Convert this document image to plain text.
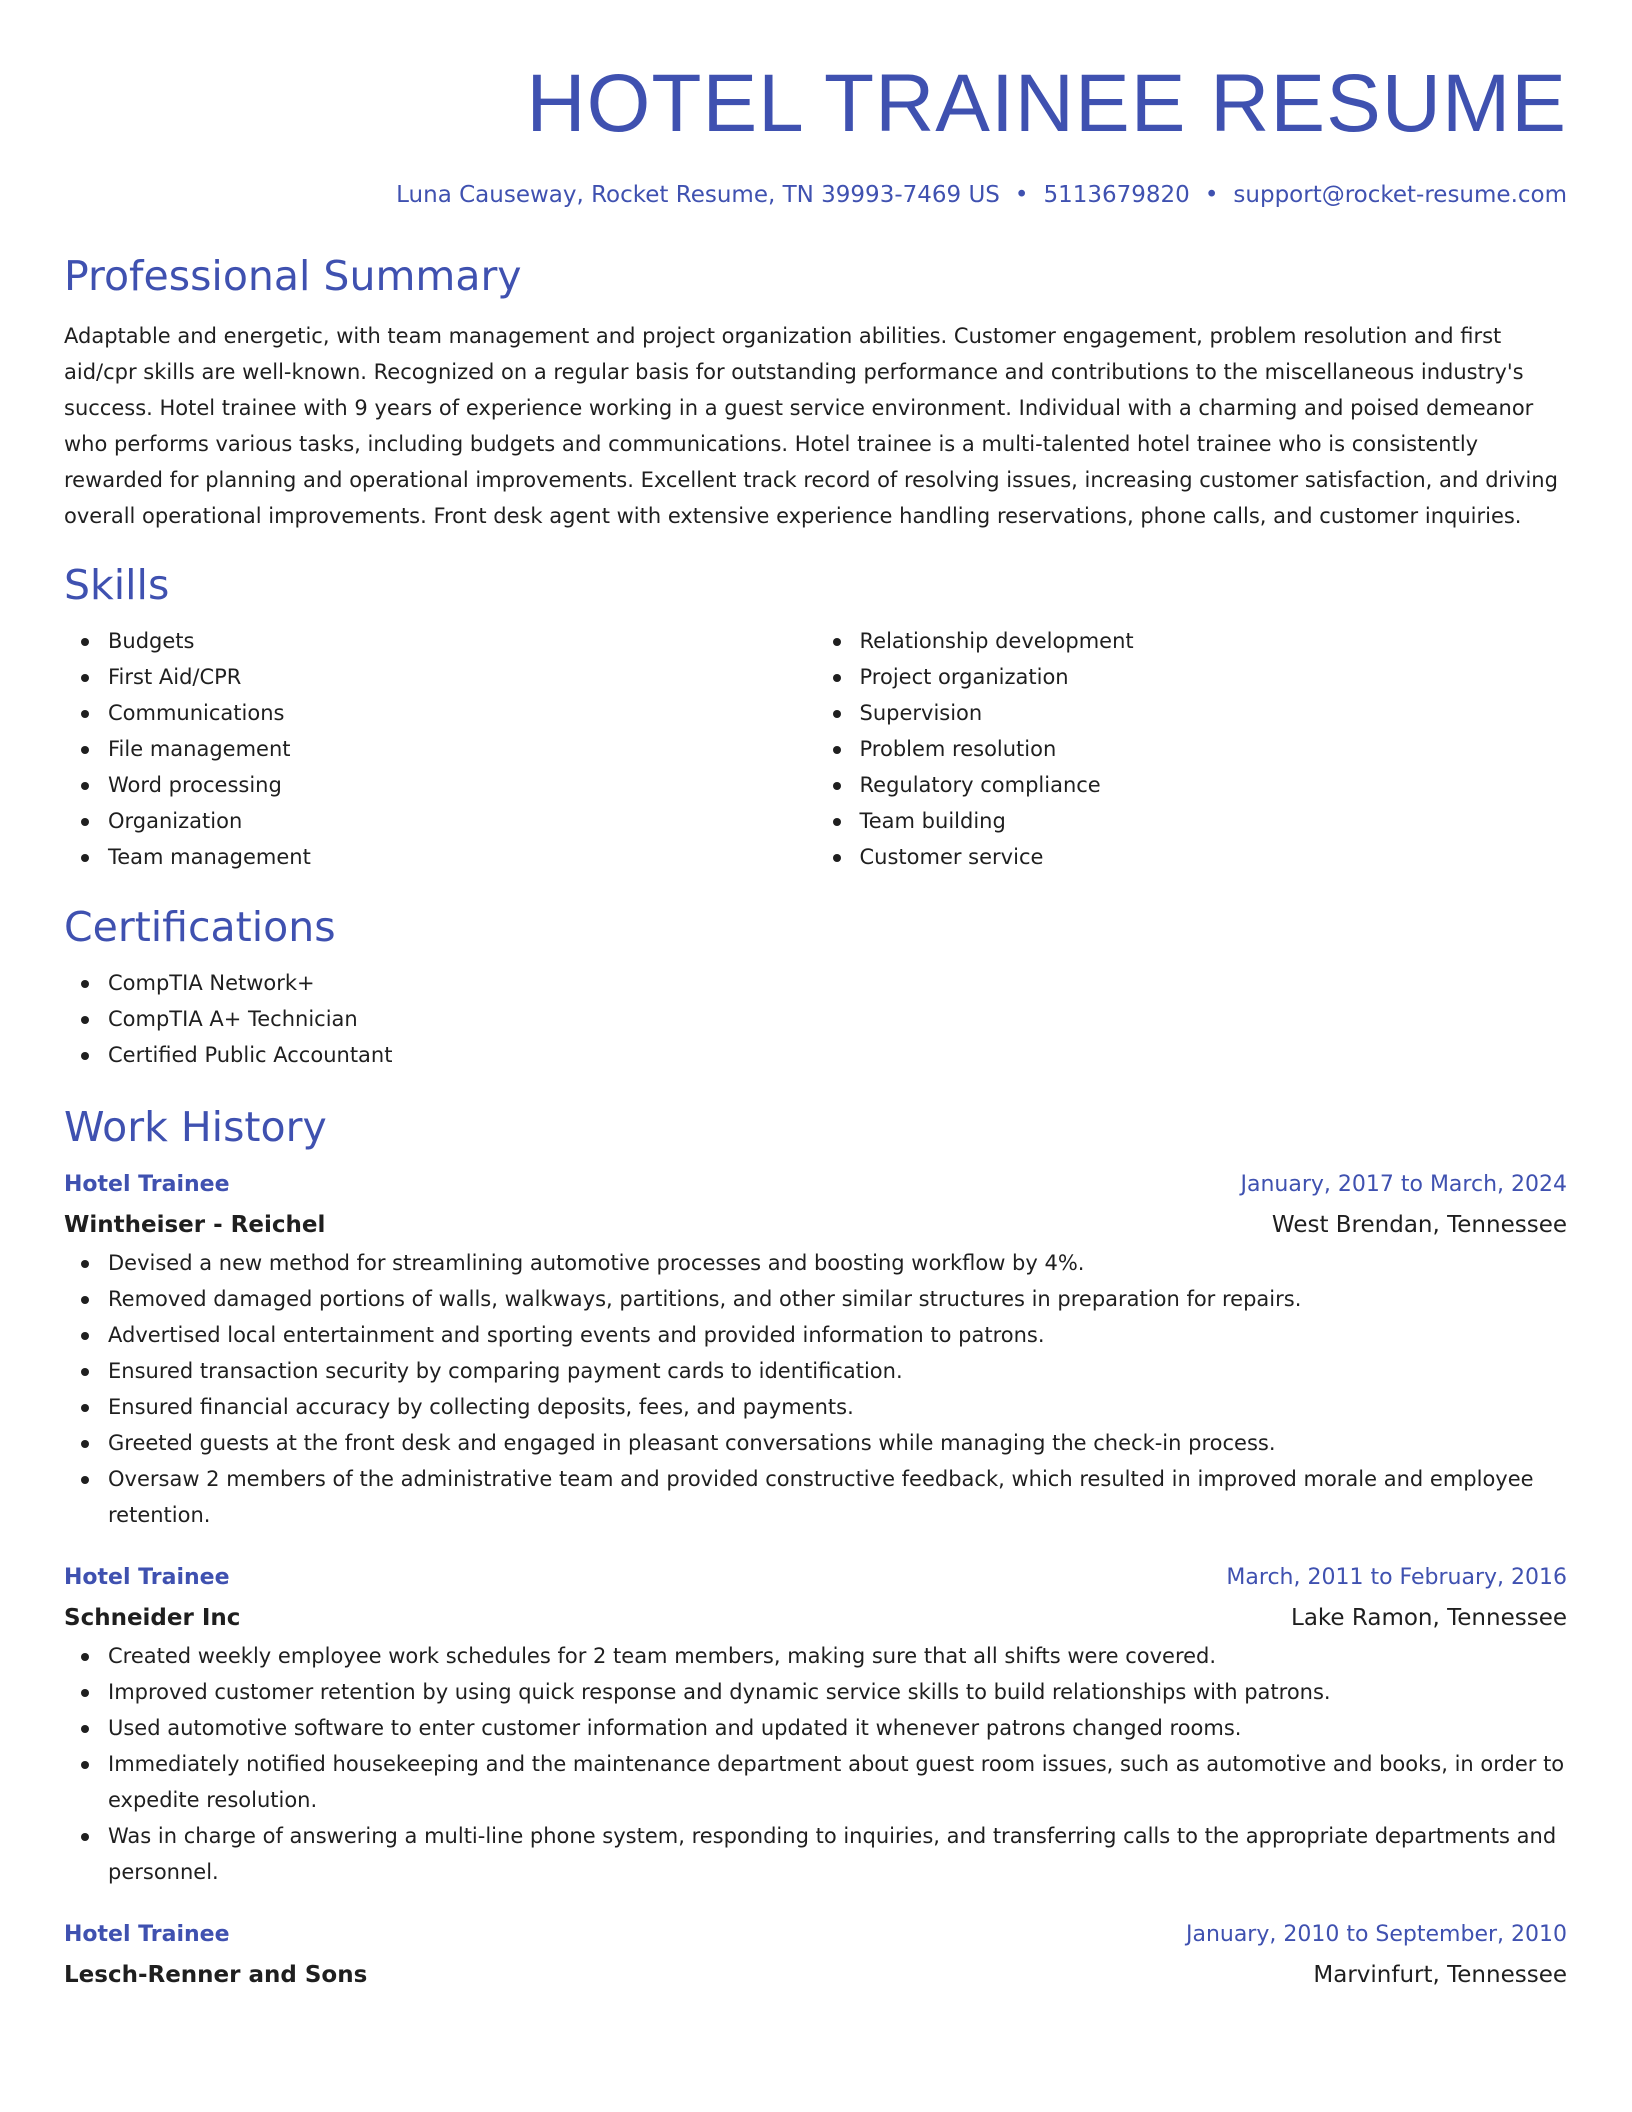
HOTEL TRAINEE RESUME
Luna Causeway, Rocket Resume, TN 39993-7469 US • 5113679820 • support@rocket-resume.com
Professional Summary

Adaptable and energetic, with team management and project organization abilities. Customer engagement, problem resolution and first aid/cpr skills are well-known. Recognized on a regular basis for outstanding performance and contributions to the miscellaneous industry's success. Hotel trainee with 9 years of experience working in a guest service environment. Individual with a charming and poised demeanor who performs various tasks, including budgets and communications. Hotel trainee is a multi-talented hotel trainee who is consistently rewarded for planning and operational improvements. Excellent track record of resolving issues, increasing customer satisfaction, and driving overall operational improvements. Front desk agent with extensive experience handling reservations, phone calls, and customer inquiries.

Skills
Budgets
First Aid/CPR
Communications
File management
Word processing
Organization
Team management
Relationship development
Project organization
Supervision
Problem resolution
Regulatory compliance
Team building
Customer service
Certifications
CompTIA Network+
CompTIA A+ Technician
Certified Public Accountant
Work History
Hotel Trainee	January, 2017 to March, 2024
Wintheiser - Reichel	West Brendan, Tennessee
Devised a new method for streamlining automotive processes and boosting workflow by 4%.
Removed damaged portions of walls, walkways, partitions, and other similar structures in preparation for repairs.
Advertised local entertainment and sporting events and provided information to patrons.
Ensured transaction security by comparing payment cards to identification.
Ensured financial accuracy by collecting deposits, fees, and payments.
Greeted guests at the front desk and engaged in pleasant conversations while managing the check-in process.
Oversaw 2 members of the administrative team and provided constructive feedback, which resulted in improved morale and employee retention.
Hotel Trainee	March, 2011 to February, 2016
Schneider Inc	Lake Ramon, Tennessee
Created weekly employee work schedules for 2 team members, making sure that all shifts were covered.
Improved customer retention by using quick response and dynamic service skills to build relationships with patrons.
Used automotive software to enter customer information and updated it whenever patrons changed rooms.
Immediately notified housekeeping and the maintenance department about guest room issues, such as automotive and books, in order to expedite resolution.
Was in charge of answering a multi-line phone system, responding to inquiries, and transferring calls to the appropriate departments and personnel.
Hotel Trainee	January, 2010 to September, 2010
Lesch-Renner and Sons	Marvinfurt, Tennessee
